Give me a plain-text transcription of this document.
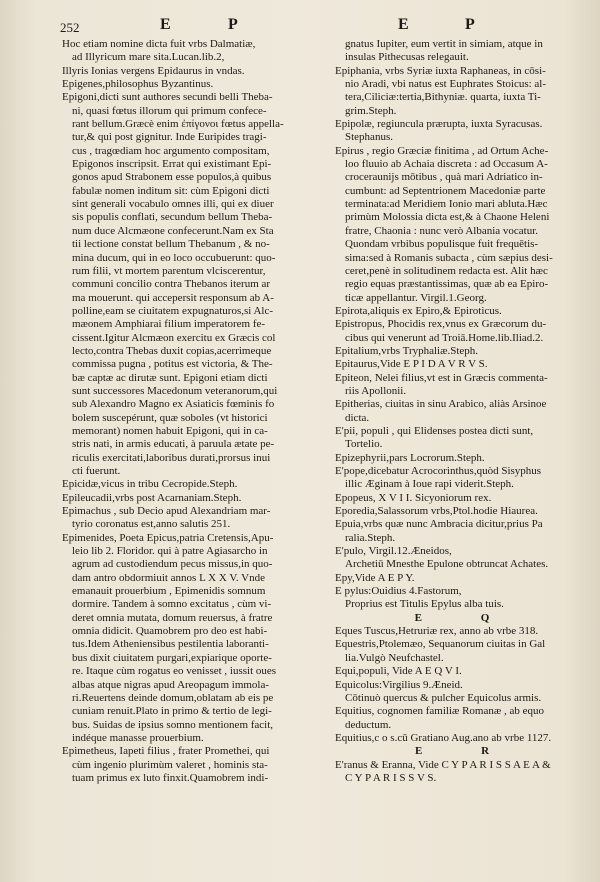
252	E	P	E	P
Hoc etiam nomine dicta fuit vrbs Dalmatiæ,
ad Illyricum mare sita.Lucan.lib.2,
Illyris Ionias vergens Epidaurus in vndas.
Epigenes,philosophus Byzantinus.
Epigoni,dicti sunt authores secundi belli Theba-
ni, quasi fœtus illorum qui primum confece-
rant bellum.Græcè enim ἐπίγονοι fœtus appella-
tur,& qui post gignitur. Inde Euripides tragi-
cus , tragœdiam hoc argumento compositam,
Epigonos inscripsit. Errat qui existimant Epi-
gonos apud Strabonem esse populos,à quibus
fabulæ nomen inditum sit: cùm Epigoni dicti
sint generali vocabulo omnes illi, qui ex diuer
sis populis conflati, secundum bellum Theba-
num duce Alcmæone confecerunt.Nam ex Sta
tii lectione constat bellum Thebanum , & no-
mina ducum, qui in eo loco occubuerunt: quo-
rum filii, vt mortem parentum vlciscerentur,
communi concilio contra Thebanos iterum ar
ma mouerunt. qui accepersit responsum ab A-
polline,eam se ciuitatem expugnaturos,si Alc-
mæonem Amphiarai filium imperatorem fe-
cissent.Igitur Alcmæon exercitu ex Græcis col
lecto,contra Thebas duxit copias,acerrimeque
commissa pugna , potitus est victoria, & The-
bæ captæ ac dirutæ sunt. Epigoni etiam dicti
sunt successores Macedonum veteranorum,qui
sub Alexandro Magno ex Asiaticis fœminis fo
bolem suscepérunt, quæ soboles (vt historici
memorant) nomen habuit Epigoni, qui in ca-
stris nati, in armis educati, à paruula ætate pe-
riculis exercitati,laboribus durati,prorsus inui
cti fuerunt.
Epicidæ,vicus in tribu Cecropide.Steph.
Epileucadii,vrbs post Acarnaniam.Steph.
Epimachus , sub Decio apud Alexandriam mar-
tyrio coronatus est,anno salutis 251.
Epimenides, Poeta Epicus,patria Cretensis,Apu-
leio lib 2. Floridor. qui à patre Agiasarcho in
agrum ad custodiendum pecus missus,in quo-
dam antro obdormiuit annos L X X V. Vnde
emanauit prouerbium , Epimenidis somnum
dormire. Tandem à somno excitatus , cùm vi-
deret omnia mutata, domum reuersus, à fratre
omnia didicit. Quamobrem pro deo est habi-
tus.Idem Atheniensibus pestilentia laboranti-
bus dixit ciuitatem purgari,expiarique oporte-
re. Itaque cùm rogatus eo venisset , iussit oues
albas atque nigras apud Areopagum immola-
ri.Reuertens deinde domum,oblatam ab eis pe
cuniam renuit.Plato in primo & tertio de legi-
bus. Suidas de ipsius somno mentionem facit,
indéque manasse prouerbium.
Epimetheus, Iapeti filius , frater Promethei, qui
cùm ingenio plurimùm valeret , hominis sta-
tuam primus ex luto finxit.Quamobrem indi-
gnatus Iupiter, eum vertit in simiam, atque in
insulas Pithecusas relegauit.
Epiphania, vrbs Syriæ iuxta Raphaneas, in cōsi-
nio Aradi, vbi natus est Euphrates Stoicus: al-
tera,Ciliciæ:tertia,Bithyniæ. quarta, iuxta Ti-
grim.Steph.
Epipolæ, regiuncula prærupta, iuxta Syracusas.
Stephanus.
Epirus , regio Græciæ finitima , ad Ortum Ache-
loo fluuio ab Achaia discreta : ad Occasum A-
croceraunijs mōtibus , quà mari Adriatico in-
cumbunt: ad Septentrionem Macedoniæ parte
terminata:ad Meridiem Ionio mari abluta.Hæc
primùm Molossia dicta est,& à Chaone Heleni
fratre, Chaonia : nunc verò Albania vocatur.
Quondam vrbibus populisque fuit frequētis-
sima:sed à Romanis subacta , cùm sæpius desi-
ceret,penè in solitudinem redacta est. Alit hæc
regio equas præstantissimas, quæ ab ea Epiro-
ticæ appellantur. Virgil.1.Georg.
Epirota,aliquis ex Epiro,& Epiroticus.
Epistropus, Phocidis rex,vnus ex Græcorum du-
cibus qui venerunt ad Troiā.Home.lib.Iliad.2.
Epitalium,vrbs Tryphaliæ.Steph.
Epitaurus,Vide E P I D A V R V S.
Epiteon, Nelei filius,vt est in Græcis commenta-
riis Apollonii.
Epitherias, ciuitas in sinu Arabico, aliàs Arsinoe
dicta.
E'pii, populi , qui Elidenses postea dicti sunt,
Tortelio.
Epizephyrii,pars Locrorum.Steph.
E'pope,dicebatur Acrocorinthus,quòd Sisyphus
illic Æginam à Ioue rapi viderit.Steph.
Epopeus, X V I I. Sicyoniorum rex.
Eporedia,Salassorum vrbs,Ptol.hodie Hiaurea.
Epuia,vrbs quæ nunc Ambracia dicitur,prius Pa
ralia.Steph.
E'pulo, Virgil.12.Æneidos,
Archetiū Mnesthe Epulone obtruncat Achates.
Epy,Vide A E P Y.
E pylus:Ouidius 4.Fastorum,
Proprius est Titulis Epylus alba tuis.
E Q
Eques Tuscus,Hetruriæ rex, anno ab vrbe 318.
Equestris,Ptolemæo, Sequanorum ciuitas in Gal
lia.Vulgò Neufchastel.
Equi,populi, Vide A E Q V I.
Equicolus:Virgilius 9.Æneid.
Cōtinuò quercus & pulcher Equicolus armis.
Equitius, cognomen familiæ Romanæ , ab equo
deductum.
Equitius,c o s.cū Gratiano Aug.ano ab vrbe 1127.
E R
E'ranus & Eranna, Vide C Y P A R I S S A E A &
C Y P A R I S S V S.
